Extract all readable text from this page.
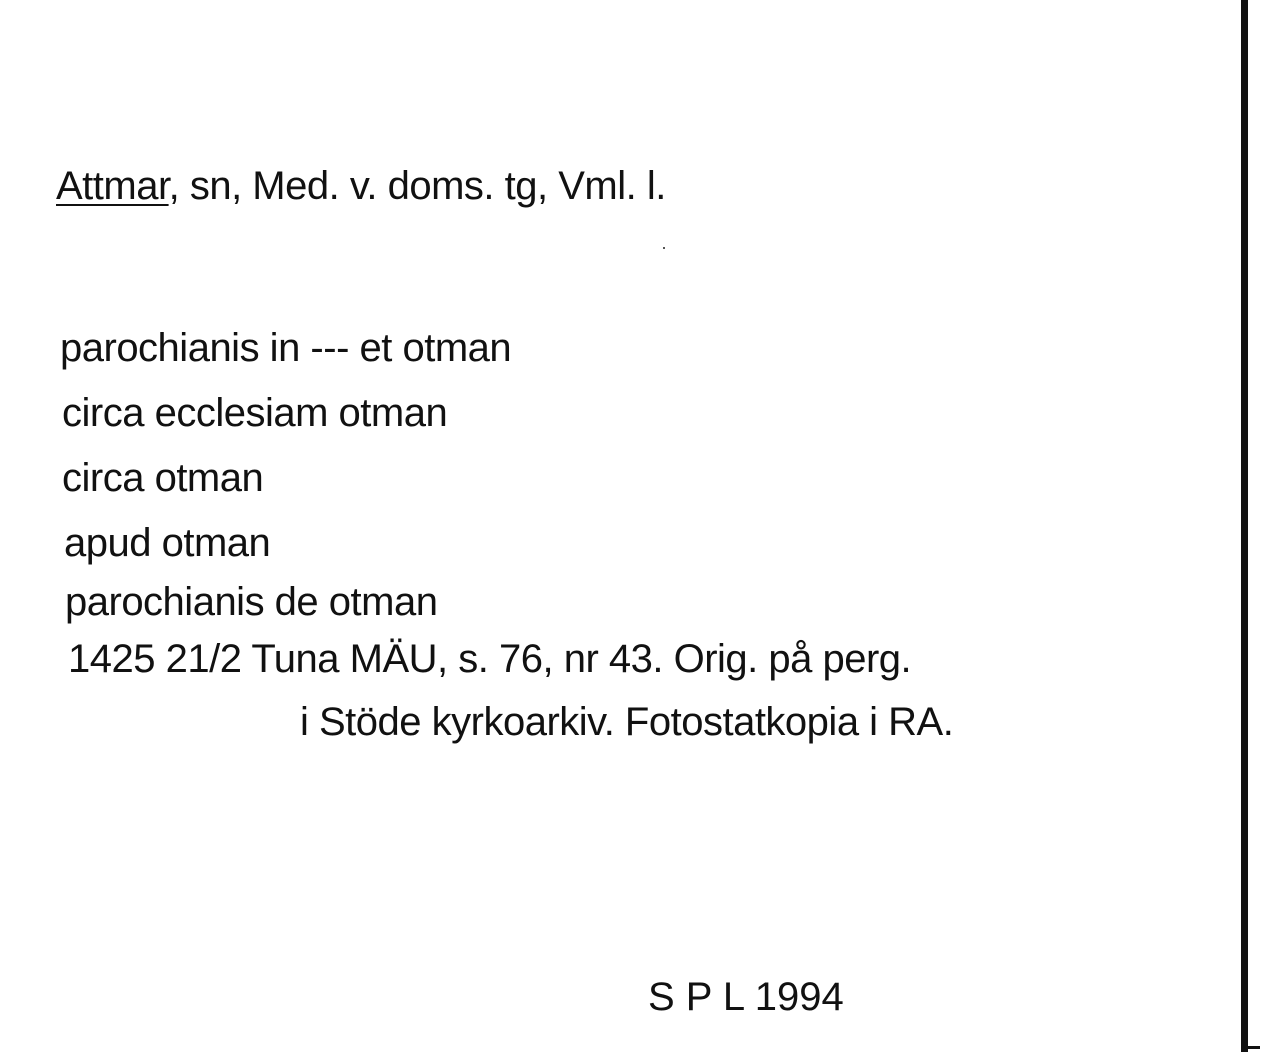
Attmar, sn, Med. v. doms. tg, Vml. l.
parochianis in --- et otman
circa ecclesiam otman
circa otman
apud otman
parochianis de otman
1425 21/2 Tuna MÄU, s. 76, nr 43. Orig. på perg.
i Stöde kyrkoarkiv. Fotostatkopia i RA.
S P L 1994
